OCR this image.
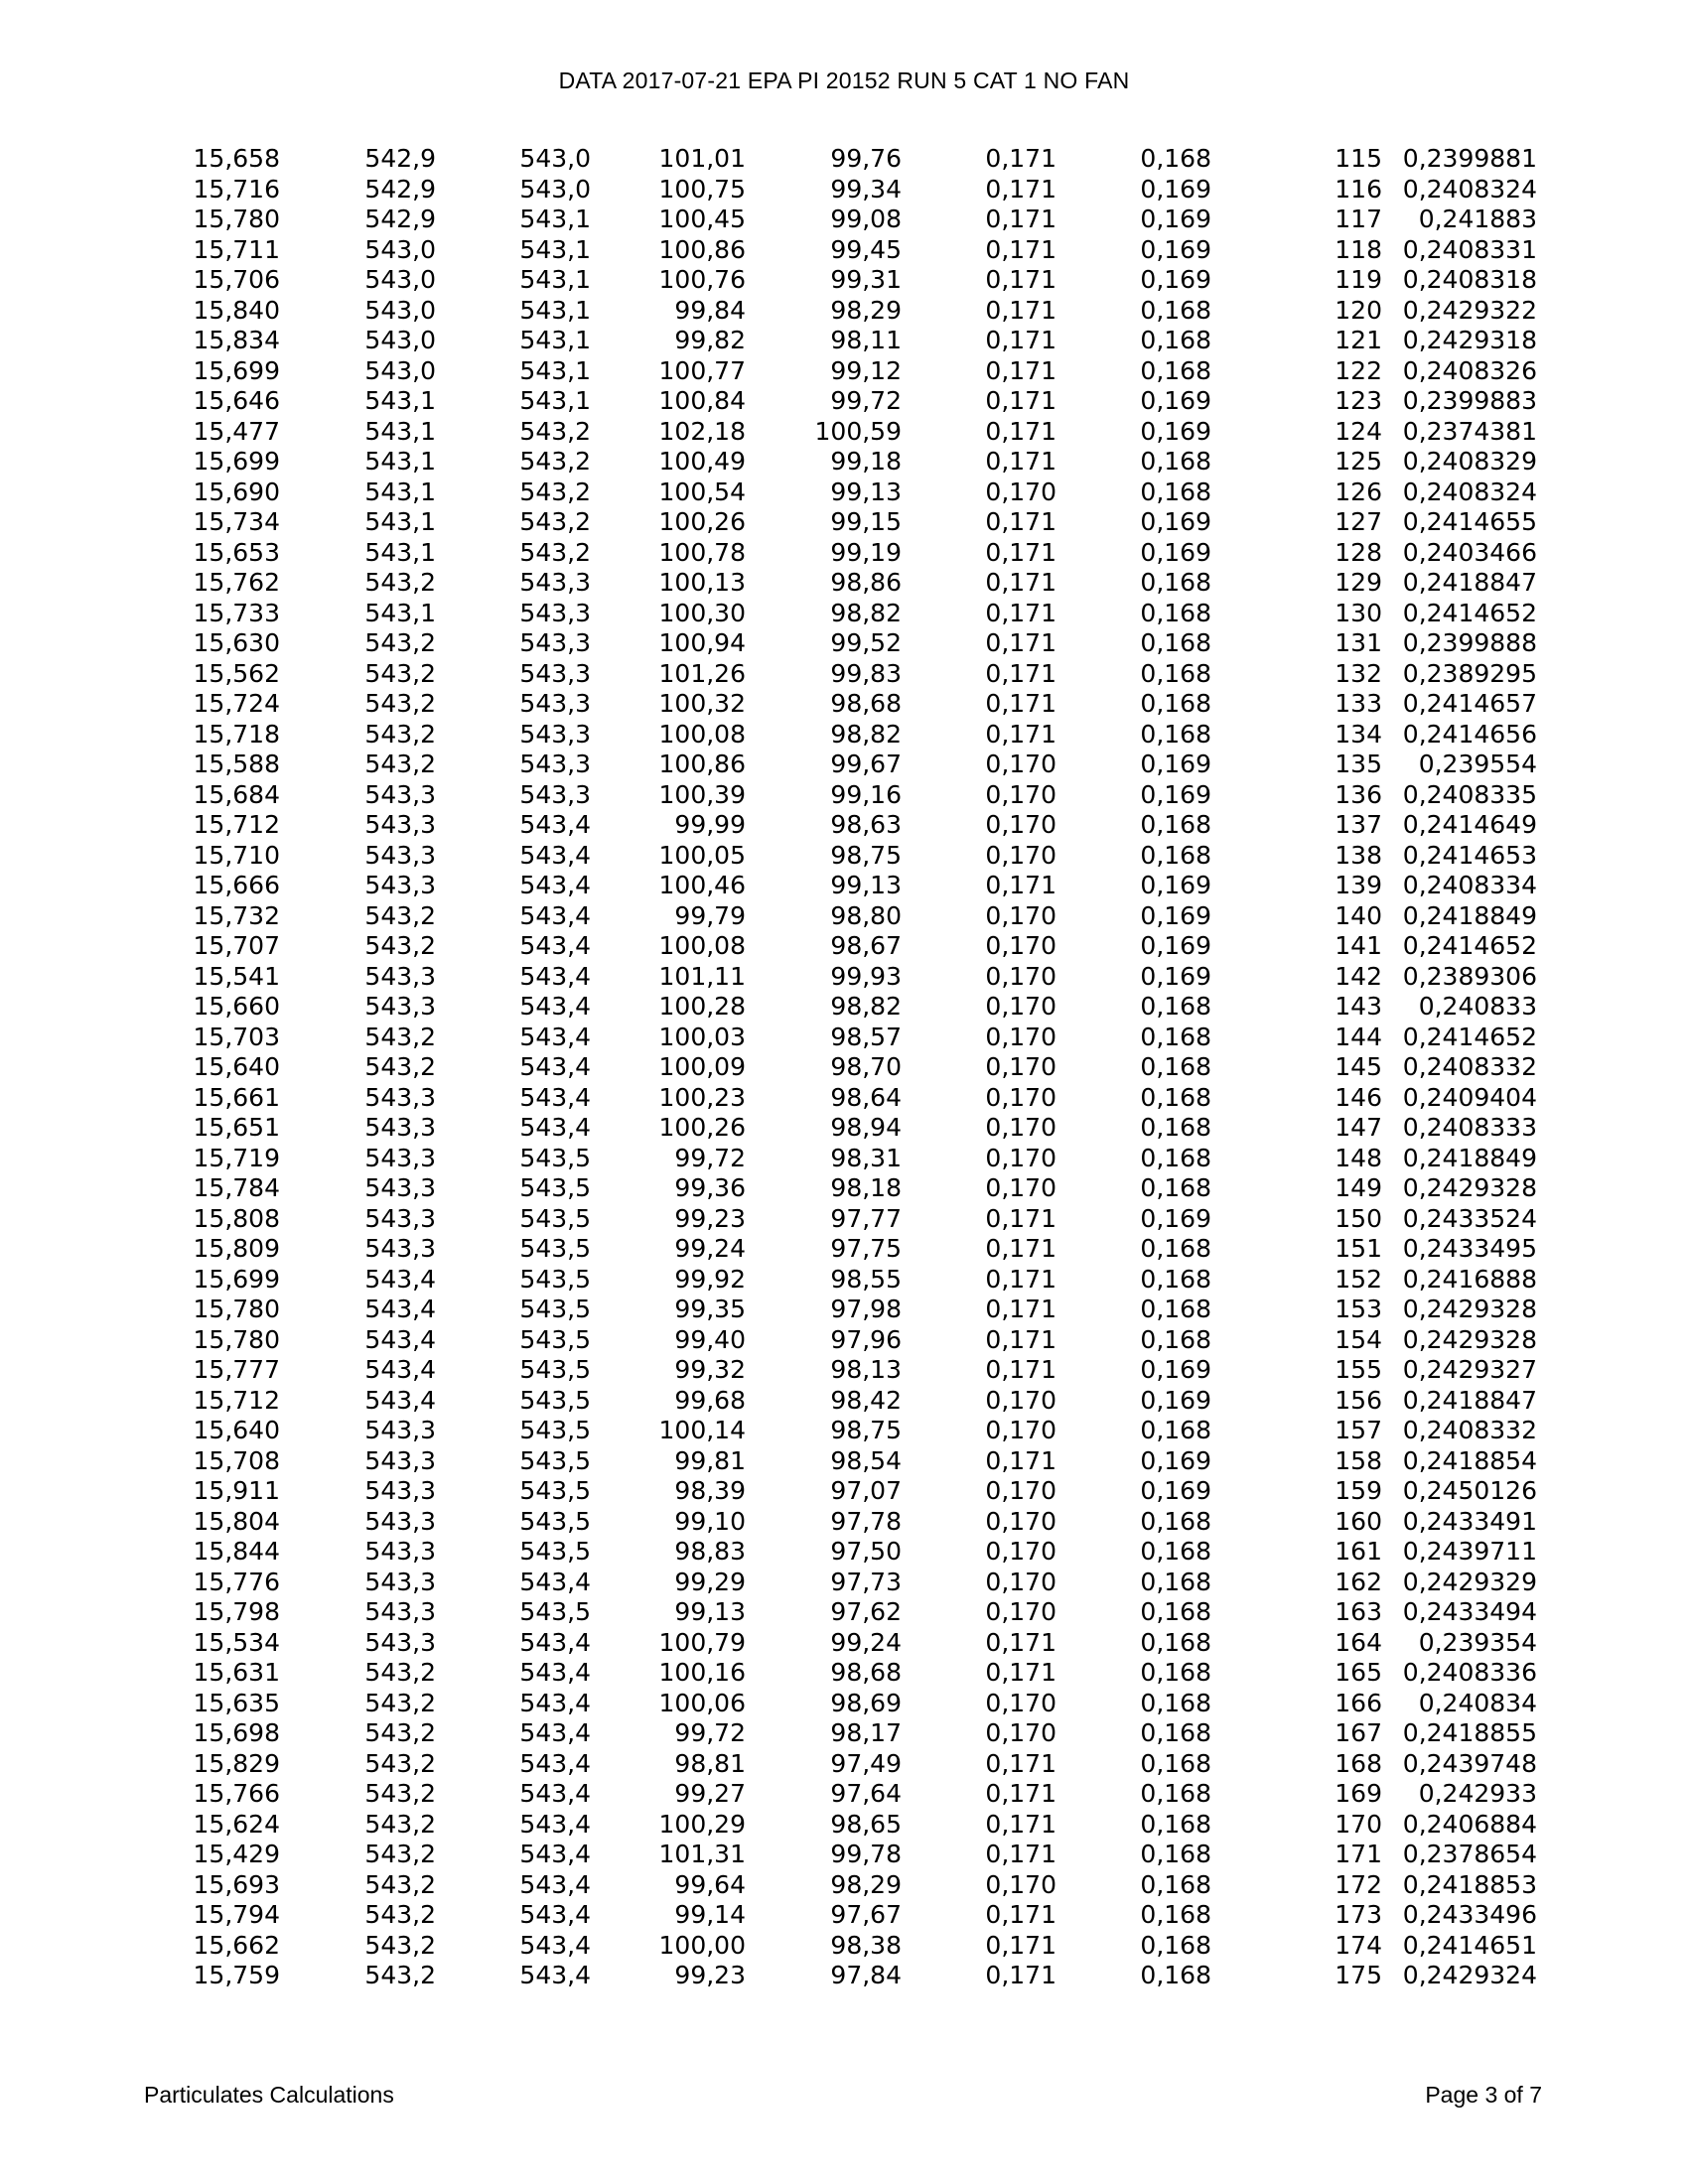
DATA 2017-07-21 EPA PI 20152 RUN 5 CAT 1 NO FAN
15,658	542,9	543,0	101,01	99,76	0,171	0,168	115	0,2399881
15,716	542,9	543,0	100,75	99,34	0,171	0,169	116	0,2408324
15,780	542,9	543,1	100,45	99,08	0,171	0,169	117	0,241883
15,711	543,0	543,1	100,86	99,45	0,171	0,169	118	0,2408331
15,706	543,0	543,1	100,76	99,31	0,171	0,169	119	0,2408318
15,840	543,0	543,1	99,84	98,29	0,171	0,168	120	0,2429322
15,834	543,0	543,1	99,82	98,11	0,171	0,168	121	0,2429318
15,699	543,0	543,1	100,77	99,12	0,171	0,168	122	0,2408326
15,646	543,1	543,1	100,84	99,72	0,171	0,169	123	0,2399883
15,477	543,1	543,2	102,18	100,59	0,171	0,169	124	0,2374381
15,699	543,1	543,2	100,49	99,18	0,171	0,168	125	0,2408329
15,690	543,1	543,2	100,54	99,13	0,170	0,168	126	0,2408324
15,734	543,1	543,2	100,26	99,15	0,171	0,169	127	0,2414655
15,653	543,1	543,2	100,78	99,19	0,171	0,169	128	0,2403466
15,762	543,2	543,3	100,13	98,86	0,171	0,168	129	0,2418847
15,733	543,1	543,3	100,30	98,82	0,171	0,168	130	0,2414652
15,630	543,2	543,3	100,94	99,52	0,171	0,168	131	0,2399888
15,562	543,2	543,3	101,26	99,83	0,171	0,168	132	0,2389295
15,724	543,2	543,3	100,32	98,68	0,171	0,168	133	0,2414657
15,718	543,2	543,3	100,08	98,82	0,171	0,168	134	0,2414656
15,588	543,2	543,3	100,86	99,67	0,170	0,169	135	0,239554
15,684	543,3	543,3	100,39	99,16	0,170	0,169	136	0,2408335
15,712	543,3	543,4	99,99	98,63	0,170	0,168	137	0,2414649
15,710	543,3	543,4	100,05	98,75	0,170	0,168	138	0,2414653
15,666	543,3	543,4	100,46	99,13	0,171	0,169	139	0,2408334
15,732	543,2	543,4	99,79	98,80	0,170	0,169	140	0,2418849
15,707	543,2	543,4	100,08	98,67	0,170	0,169	141	0,2414652
15,541	543,3	543,4	101,11	99,93	0,170	0,169	142	0,2389306
15,660	543,3	543,4	100,28	98,82	0,170	0,168	143	0,240833
15,703	543,2	543,4	100,03	98,57	0,170	0,168	144	0,2414652
15,640	543,2	543,4	100,09	98,70	0,170	0,168	145	0,2408332
15,661	543,3	543,4	100,23	98,64	0,170	0,168	146	0,2409404
15,651	543,3	543,4	100,26	98,94	0,170	0,168	147	0,2408333
15,719	543,3	543,5	99,72	98,31	0,170	0,168	148	0,2418849
15,784	543,3	543,5	99,36	98,18	0,170	0,168	149	0,2429328
15,808	543,3	543,5	99,23	97,77	0,171	0,169	150	0,2433524
15,809	543,3	543,5	99,24	97,75	0,171	0,168	151	0,2433495
15,699	543,4	543,5	99,92	98,55	0,171	0,168	152	0,2416888
15,780	543,4	543,5	99,35	97,98	0,171	0,168	153	0,2429328
15,780	543,4	543,5	99,40	97,96	0,171	0,168	154	0,2429328
15,777	543,4	543,5	99,32	98,13	0,171	0,169	155	0,2429327
15,712	543,4	543,5	99,68	98,42	0,170	0,169	156	0,2418847
15,640	543,3	543,5	100,14	98,75	0,170	0,168	157	0,2408332
15,708	543,3	543,5	99,81	98,54	0,171	0,169	158	0,2418854
15,911	543,3	543,5	98,39	97,07	0,170	0,169	159	0,2450126
15,804	543,3	543,5	99,10	97,78	0,170	0,168	160	0,2433491
15,844	543,3	543,5	98,83	97,50	0,170	0,168	161	0,2439711
15,776	543,3	543,4	99,29	97,73	0,170	0,168	162	0,2429329
15,798	543,3	543,5	99,13	97,62	0,170	0,168	163	0,2433494
15,534	543,3	543,4	100,79	99,24	0,171	0,168	164	0,239354
15,631	543,2	543,4	100,16	98,68	0,171	0,168	165	0,2408336
15,635	543,2	543,4	100,06	98,69	0,170	0,168	166	0,240834
15,698	543,2	543,4	99,72	98,17	0,170	0,168	167	0,2418855
15,829	543,2	543,4	98,81	97,49	0,171	0,168	168	0,2439748
15,766	543,2	543,4	99,27	97,64	0,171	0,168	169	0,242933
15,624	543,2	543,4	100,29	98,65	0,171	0,168	170	0,2406884
15,429	543,2	543,4	101,31	99,78	0,171	0,168	171	0,2378654
15,693	543,2	543,4	99,64	98,29	0,170	0,168	172	0,2418853
15,794	543,2	543,4	99,14	97,67	0,171	0,168	173	0,2433496
15,662	543,2	543,4	100,00	98,38	0,171	0,168	174	0,2414651
15,759	543,2	543,4	99,23	97,84	0,171	0,168	175	0,2429324
Particulates Calculations	Page 3 of 7
